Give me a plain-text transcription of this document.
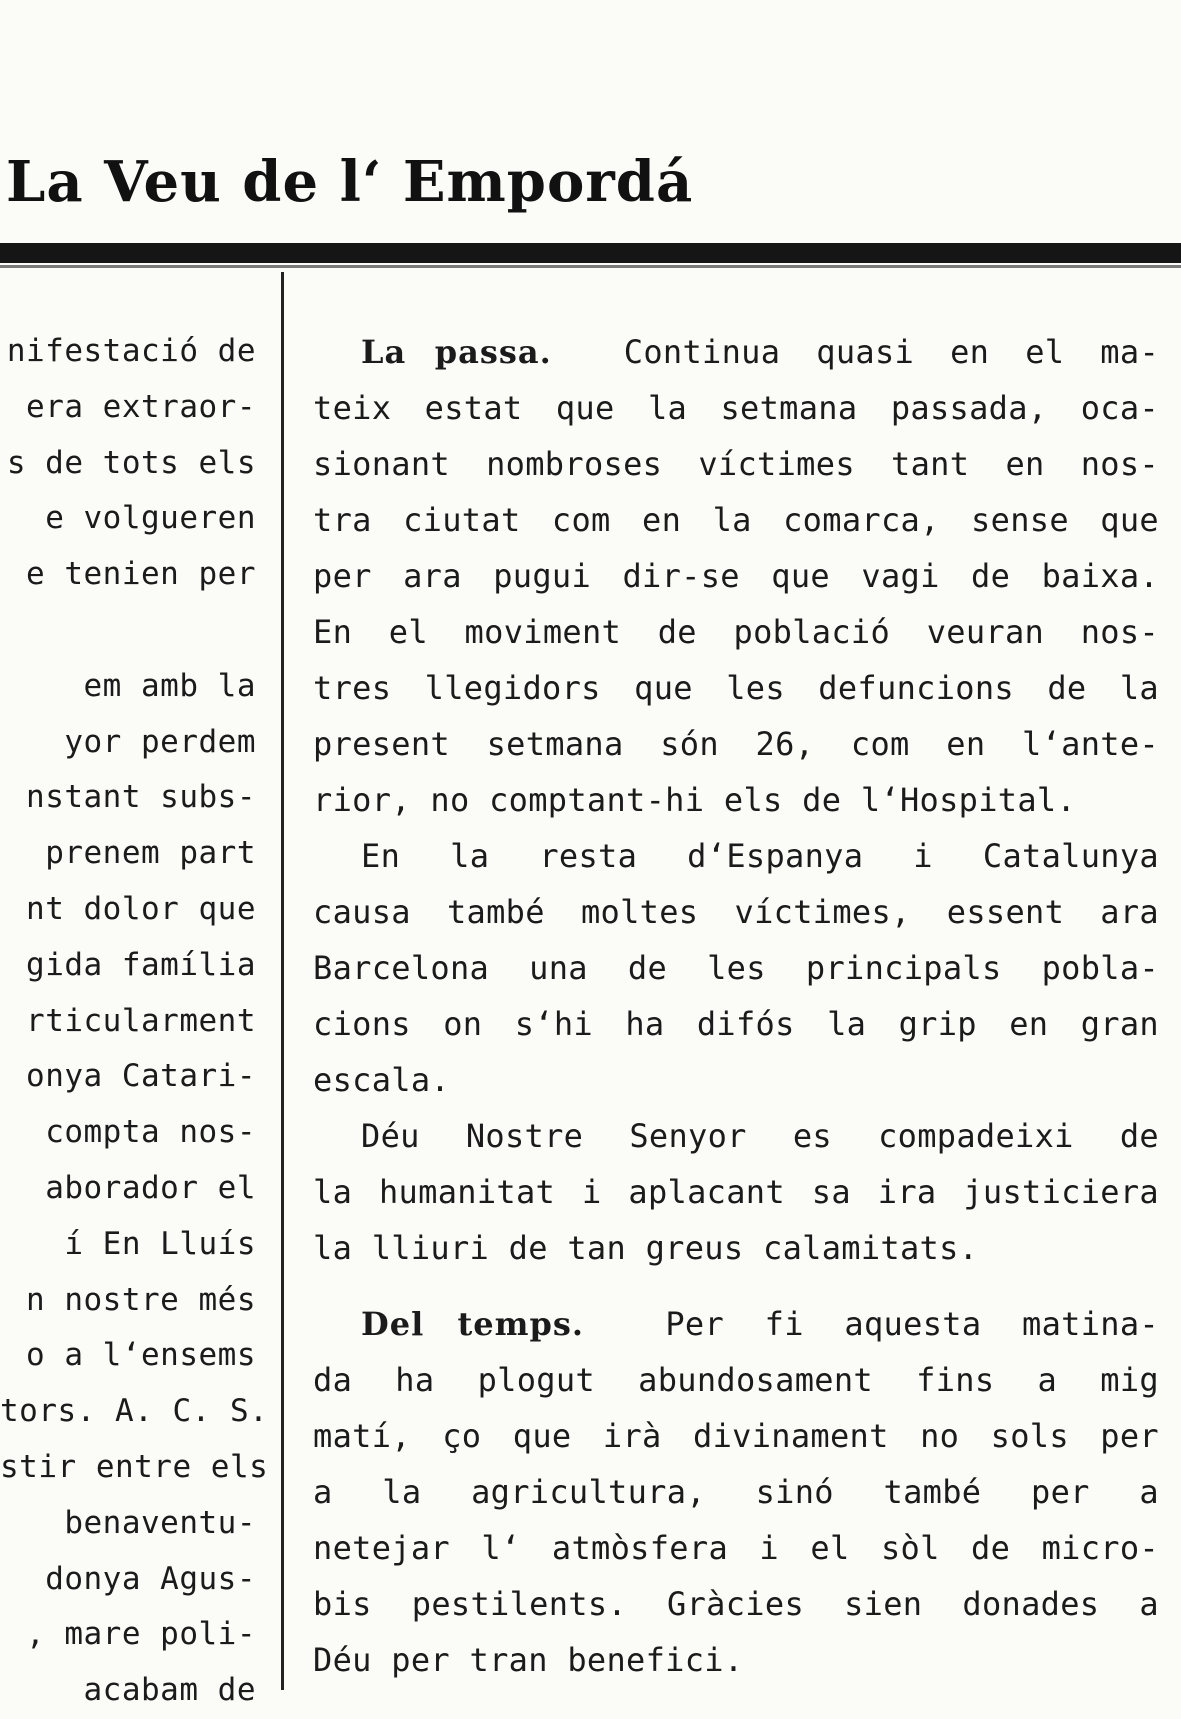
La Veu de l‘ Empordá
nifestació de
era extraor-
s de tots els
e volgueren
e tenien per
em amb la
yor perdem
nstant subs-
prenem part
nt dolor que
gida família
rticularment
onya Catari-
compta nos-
aborador el
í En Lluís
n nostre més
o a l‘ensems
tors. A. C. S.
stir entre els
benaventu-
donya Agus-
, mare poli-
acabam de
La passa. Continua quasi en el ma-
teix estat que la setmana passada, oca-
sionant nombroses víctimes tant en nos-
tra ciutat com en la comarca, sense que
per ara pugui dir-se que vagi de baixa.
En el moviment de població veuran nos-
tres llegidors que les defuncions de la
present setmana són 26, com en l‘ante-
rior, no comptant-hi els de l‘Hospital.
En la resta d‘Espanya i Catalunya
causa també moltes víctimes, essent ara
Barcelona una de les principals pobla-
cions on s‘hi ha difós la grip en gran
escala.
Déu Nostre Senyor es compadeixi de
la humanitat i aplacant sa ira justiciera
la lliuri de tan greus calamitats.
Del temps.	Per fi aquesta matina-
da ha plogut abundosament fins a mig
matí, ço que irà divinament no sols per
a la agricultura, sinó també per a
netejar l‘ atmòsfera i el sòl de micro-
bis pestilents. Gràcies sien donades a
Déu per tran benefici.
